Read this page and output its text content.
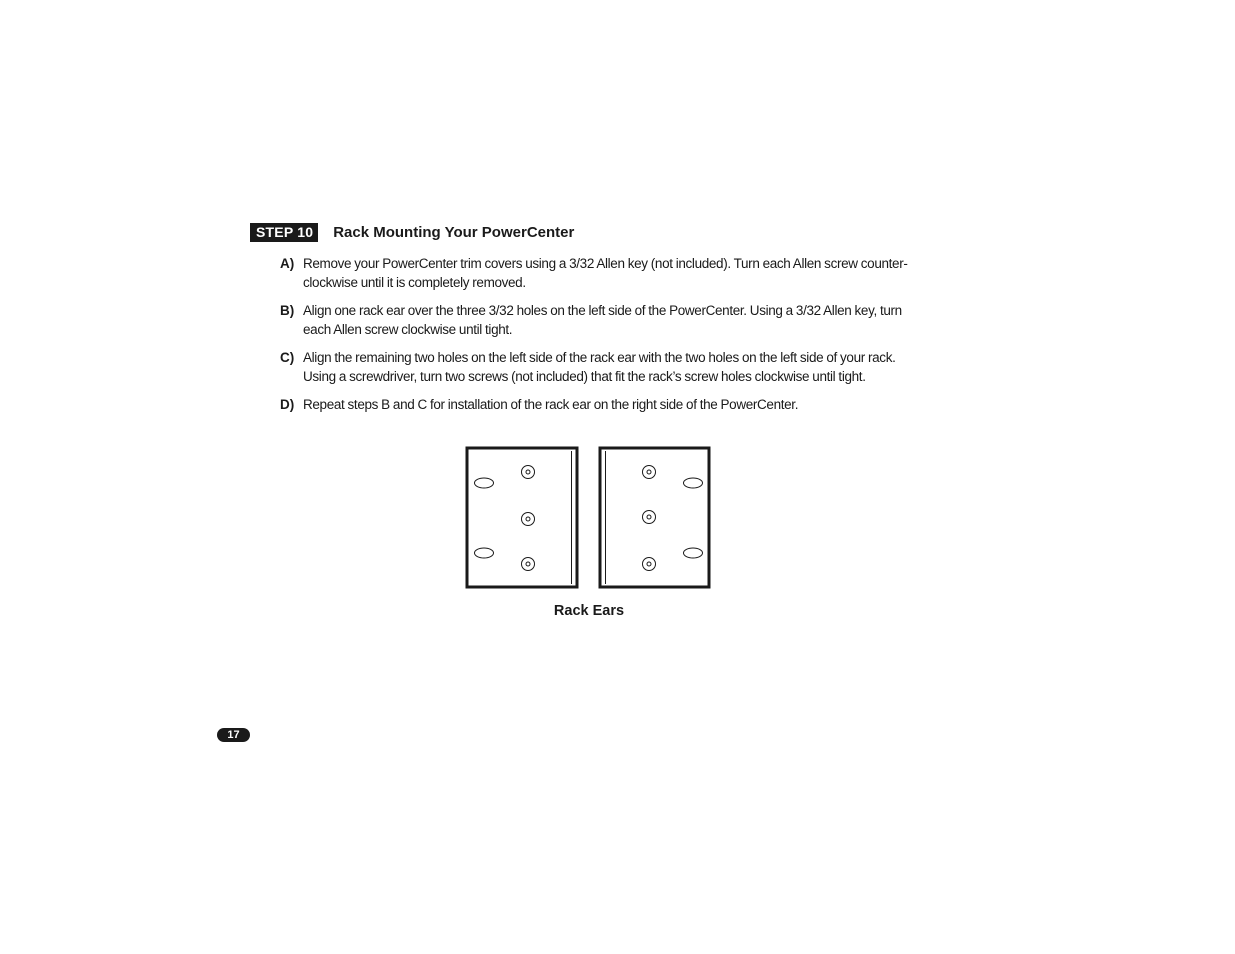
STEP 10	Rack Mounting Your PowerCenter
A) Remove your PowerCenter trim covers using a 3/32 Allen key (not included). Turn each Allen screw counter-clockwise until it is completely removed.
B) Align one rack ear over the three 3/32 holes on the left side of the PowerCenter. Using a 3/32 Allen key, turn each Allen screw clockwise until tight.
C) Align the remaining two holes on the left side of the rack ear with the two holes on the left side of your rack. Using a screwdriver, turn two screws (not included) that fit the rack’s screw holes clockwise until tight.
D) Repeat steps B and C for installation of the rack ear on the right side of the PowerCenter.
Rack Ears
17
